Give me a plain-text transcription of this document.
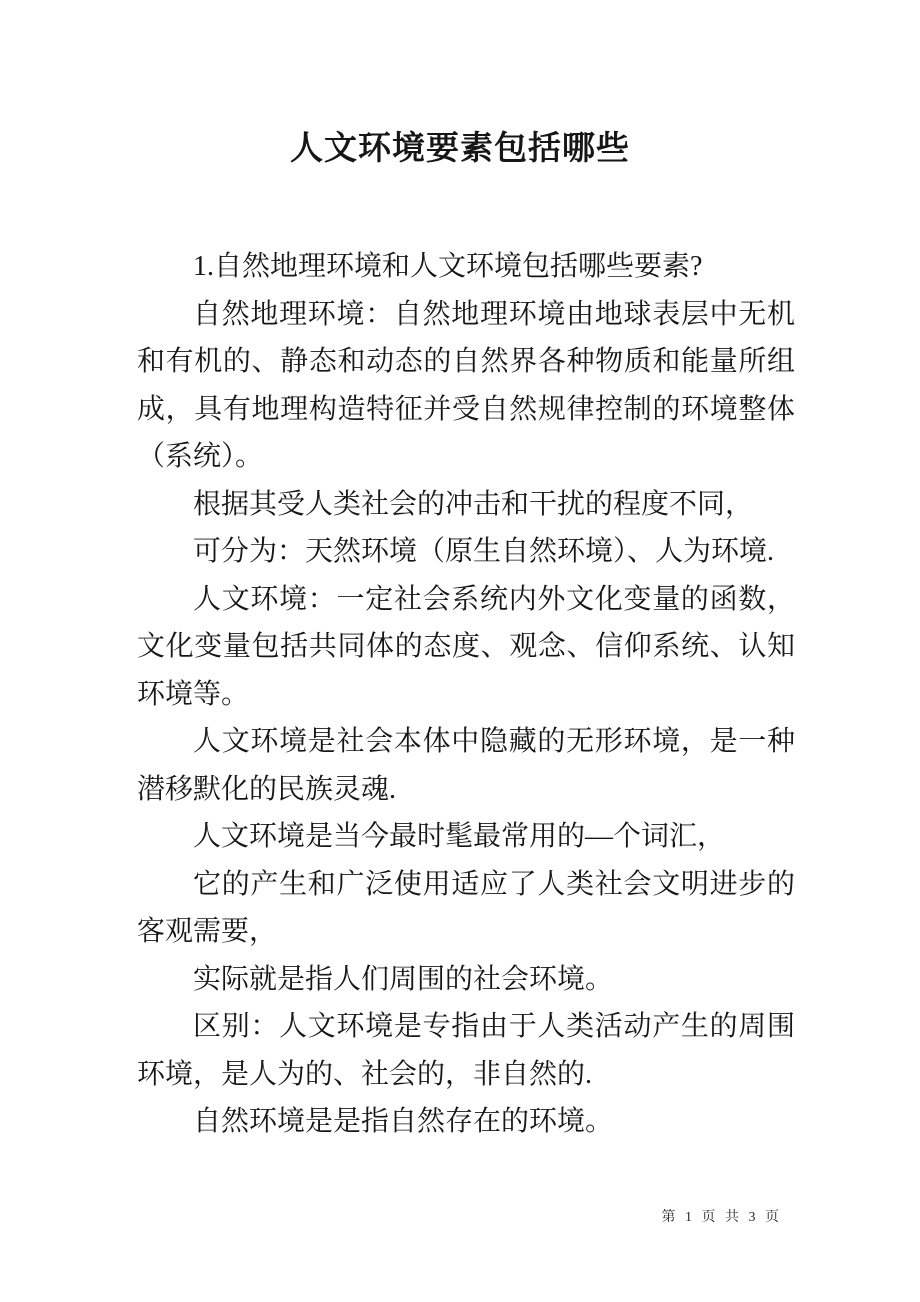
人文环境要素包括哪些

1.自然地理环境和人文环境包括哪些要素?

自然地理环境：自然地理环境由地球表层中无机和有机的、静态和动态的自然界各种物质和能量所组成，具有地理构造特征并受自然规律控制的环境整体（系统）。

根据其受人类社会的冲击和干扰的程度不同，

可分为：天然环境（原生自然环境）、人为环境.

人文环境：一定社会系统内外文化变量的函数，文化变量包括共同体的态度、观念、信仰系统、认知环境等。

人文环境是社会本体中隐藏的无形环境，是一种潜移默化的民族灵魂.

人文环境是当今最时髦最常用的—个词汇，

它的产生和广泛使用适应了人类社会文明进步的客观需要，

实际就是指人们周围的社会环境。

区别：人文环境是专指由于人类活动产生的周围环境，是人为的、社会的，非自然的.

自然环境是是指自然存在的环境。

第 1 页 共 3 页
